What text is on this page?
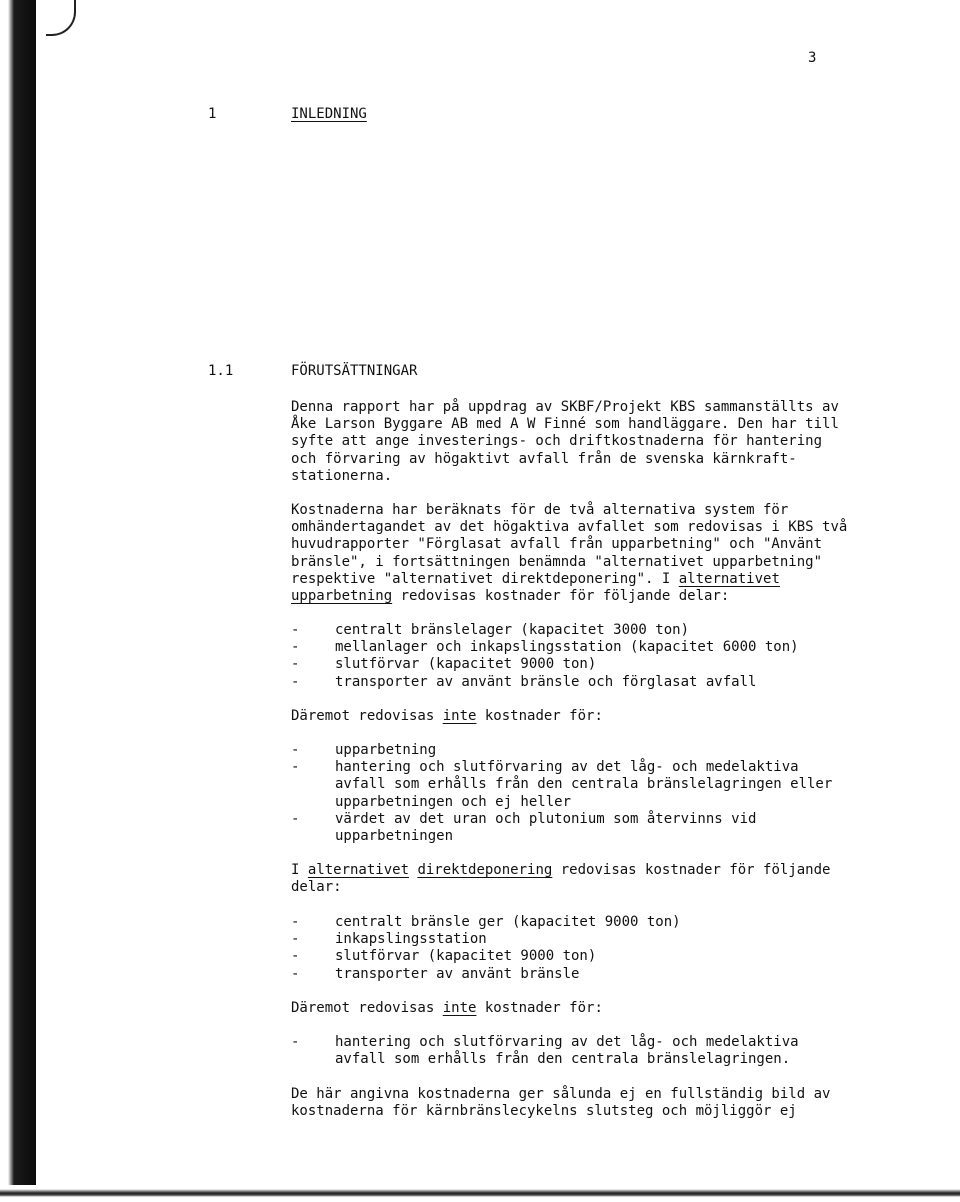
3
1	INLEDNING
1.1	FÖRUTSÄTTNINGAR

Denna rapport har på uppdrag av SKBF/Projekt KBS sammanställts av Åke Larson Byggare AB med A W Finné som handläggare. Den har till syfte att ange investerings- och driftkostnaderna för hantering och förvaring av högaktivt avfall från de svenska kärnkraft-stationerna.

Kostnaderna har beräknats för de två alternativa system för omhändertagandet av det högaktiva avfallet som redovisas i KBS två huvudrapporter "Förglasat avfall från upparbetning" och "Använt bränsle", i fortsättningen benämnda "alternativet upparbetning" respektive "alternativet direktdeponering". I alternativet upparbetning redovisas kostnader för följande delar:

-	centralt bränslelager (kapacitet 3000 ton)
-	mellanlager och inkapslingsstation (kapacitet 6000 ton)
-	slutförvar (kapacitet 9000 ton)
-	transporter av använt bränsle och förglasat avfall

Däremot redovisas inte kostnader för:

-	upparbetning
-	hantering och slutförvaring av det låg- och medelaktiva avfall som erhålls från den centrala bränslelagringen eller upparbetningen och ej heller
-	värdet av det uran och plutonium som återvinns vid upparbetningen

I alternativet direktdeponering redovisas kostnader för följande delar:

-	centralt bränsle ger (kapacitet 9000 ton)
-	inkapslingsstation
-	slutförvar (kapacitet 9000 ton)
-	transporter av använt bränsle

Däremot redovisas inte kostnader för:

-	hantering och slutförvaring av det låg- och medelaktiva avfall som erhålls från den centrala bränslelagringen.

De här angivna kostnaderna ger sålunda ej en fullständig bild av kostnaderna för kärnbränslecykelns slutsteg och möjliggör ej
